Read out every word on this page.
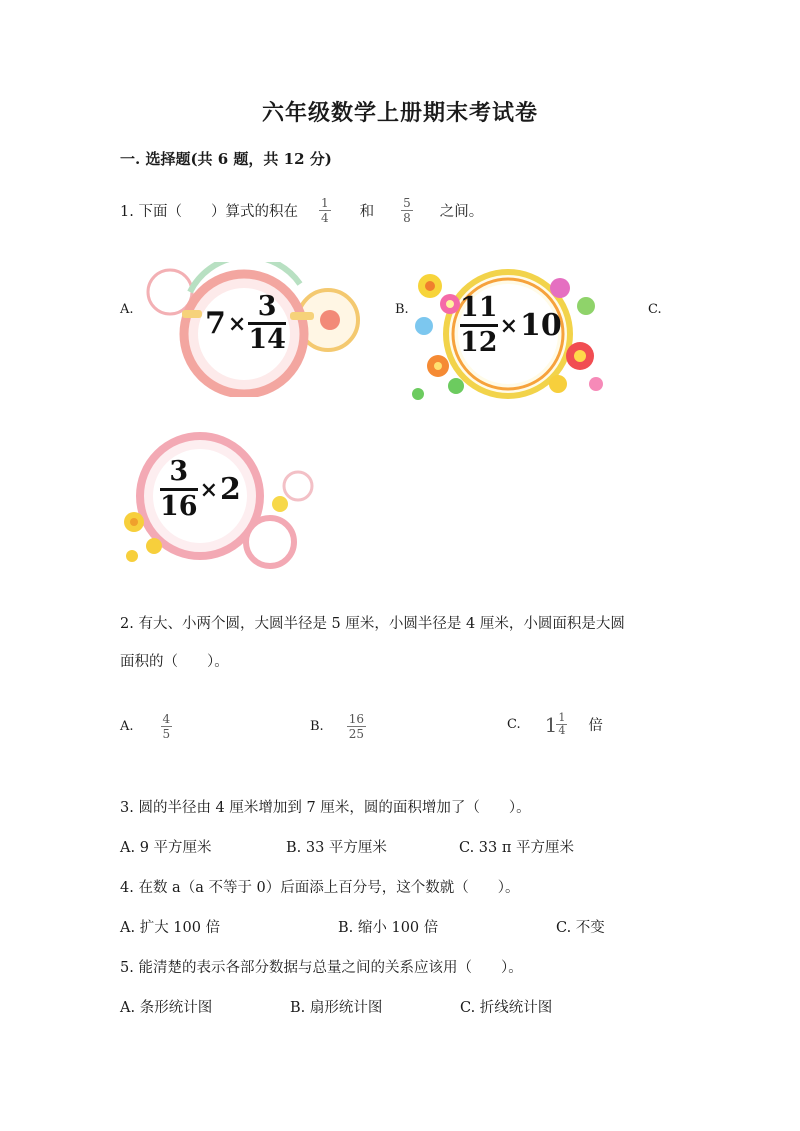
六年级数学上册期末考试卷
一. 选择题(共 6 题，共 12 分)
1. 下面（　　）算式的积在 $\frac{1}{4}$ 和 $\frac{5}{8}$ 之间。
A.	B.	C.
7 ×
3
14
11
12
× 10
3
16
× 2
2. 有大、小两个圆，大圆半径是 5 厘米，小圆半径是 4 厘米，小圆面积是大圆
面积的（　　）。
A. $\frac{4}{5}$	B. $\frac{16}{25}$	C. $1 \frac{1}{4}$ 倍
3. 圆的半径由 4 厘米增加到 7 厘米，圆的面积增加了（　　）。
A. 9 平方厘米	B. 33 平方厘米	C. 33 π 平方厘米
4. 在数 a（a 不等于 0）后面添上百分号，这个数就（　　）。
A. 扩大 100 倍	B. 缩小 100 倍	C. 不变
5. 能清楚的表示各部分数据与总量之间的关系应该用（　　）。
A. 条形统计图	B. 扇形统计图	C. 折线统计图
